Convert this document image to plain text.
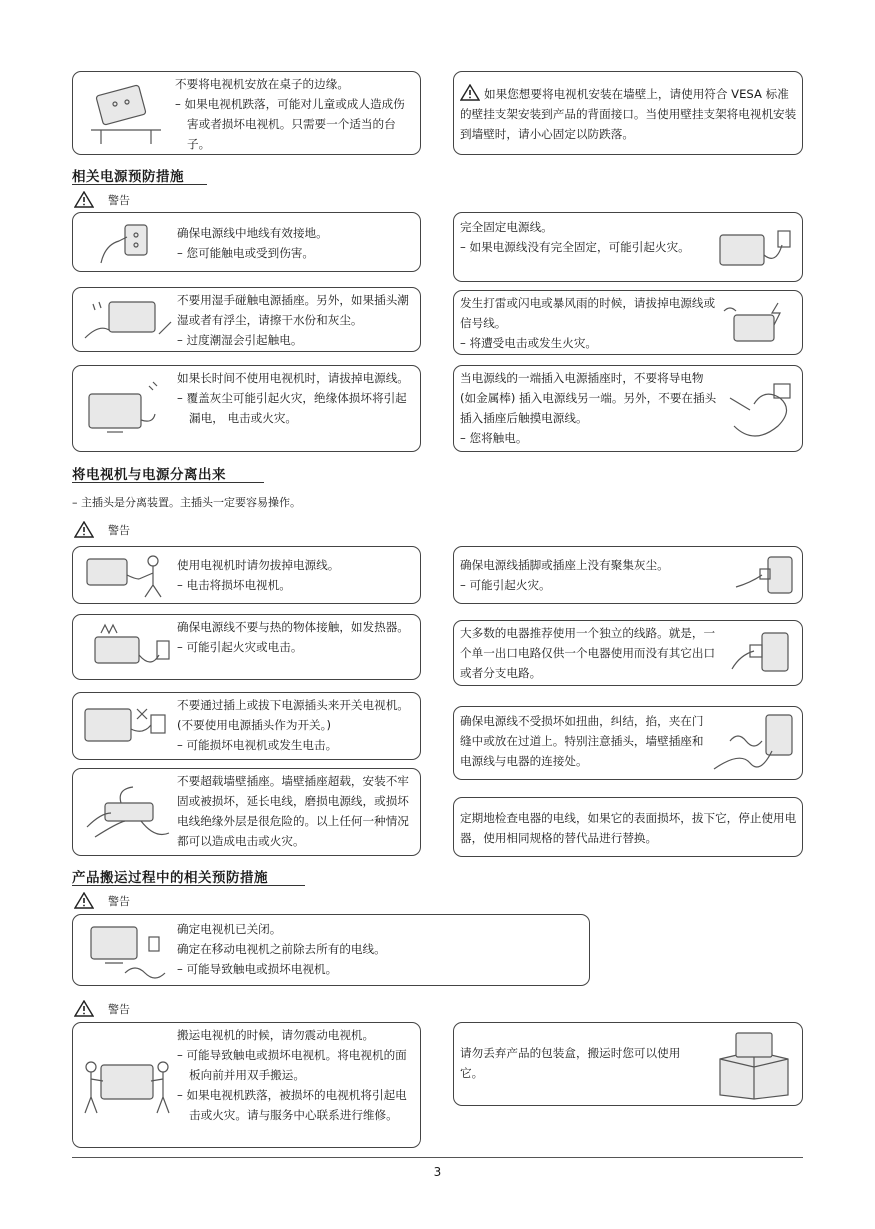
不要将电视机安放在桌子的边缘。

– 如果电视机跌落，可能对儿童或成人造成伤害或者损坏电视机。只需要一个适当的台子。

如果您想要将电视机安装在墙壁上，请使用符合 VESA 标准的壁挂支架安装到产品的背面接口。当使用壁挂支架将电视机安装到墙壁时，请小心固定以防跌落。
相关电源预防措施
警告

确保电源线中地线有效接地。

– 您可能触电或受到伤害。

完全固定电源线。

– 如果电源线没有完全固定，可能引起火灾。

不要用湿手碰触电源插座。另外，如果插头潮湿或者有浮尘，请擦干水份和灰尘。

– 过度潮湿会引起触电。

发生打雷或闪电或暴风雨的时候，请拔掉电源线或信号线。

– 将遭受电击或发生火灾。

如果长时间不使用电视机时，请拔掉电源线。

– 覆盖灰尘可能引起火灾，绝缘体损坏将引起漏电， 电击或火灾。

当电源线的一端插入电源插座时，不要将导电物 (如金属棒) 插入电源线另一端。另外，不要在插头插入插座后触摸电源线。

– 您将触电。

将电视机与电源分离出来
– 主插头是分离装置。主插头一定要容易操作。
警告

使用电视机时请勿拔掉电源线。

– 电击将损坏电视机。

确保电源线插脚或插座上没有聚集灰尘。

– 可能引起火灾。

确保电源线不要与热的物体接触，如发热器。

– 可能引起火灾或电击。

大多数的电器推荐使用一个独立的线路。就是，一个单一出口电路仅供一个电器使用而没有其它出口或者分支电路。

不要通过插上或拔下电源插头来开关电视机。(不要使用电源插头作为开关。)

– 可能损坏电视机或发生电击。

确保电源线不受损坏如扭曲，纠结，掐，夹在门缝中或放在过道上。特别注意插头，墙壁插座和电源线与电器的连接处。

不要超载墙壁插座。墙壁插座超载，安装不牢固或被损坏，延长电线，磨损电源线，或损坏电线绝缘外层是很危险的。以上任何一种情况都可以造成电击或火灾。

定期地检查电器的电线，如果它的表面损坏，拔下它，停止使用电器，使用相同规格的替代品进行替换。

产品搬运过程中的相关预防措施
警告

确定电视机已关闭。

确定在移动电视机之前除去所有的电线。

– 可能导致触电或损坏电视机。

警告

搬运电视机的时候，请勿震动电视机。

– 可能导致触电或损坏电视机。将电视机的面板向前并用双手搬运。

– 如果电视机跌落，被损坏的电视机将引起电击或火灾。请与服务中心联系进行维修。

请勿丢弃产品的包装盒，搬运时您可以使用它。

3
